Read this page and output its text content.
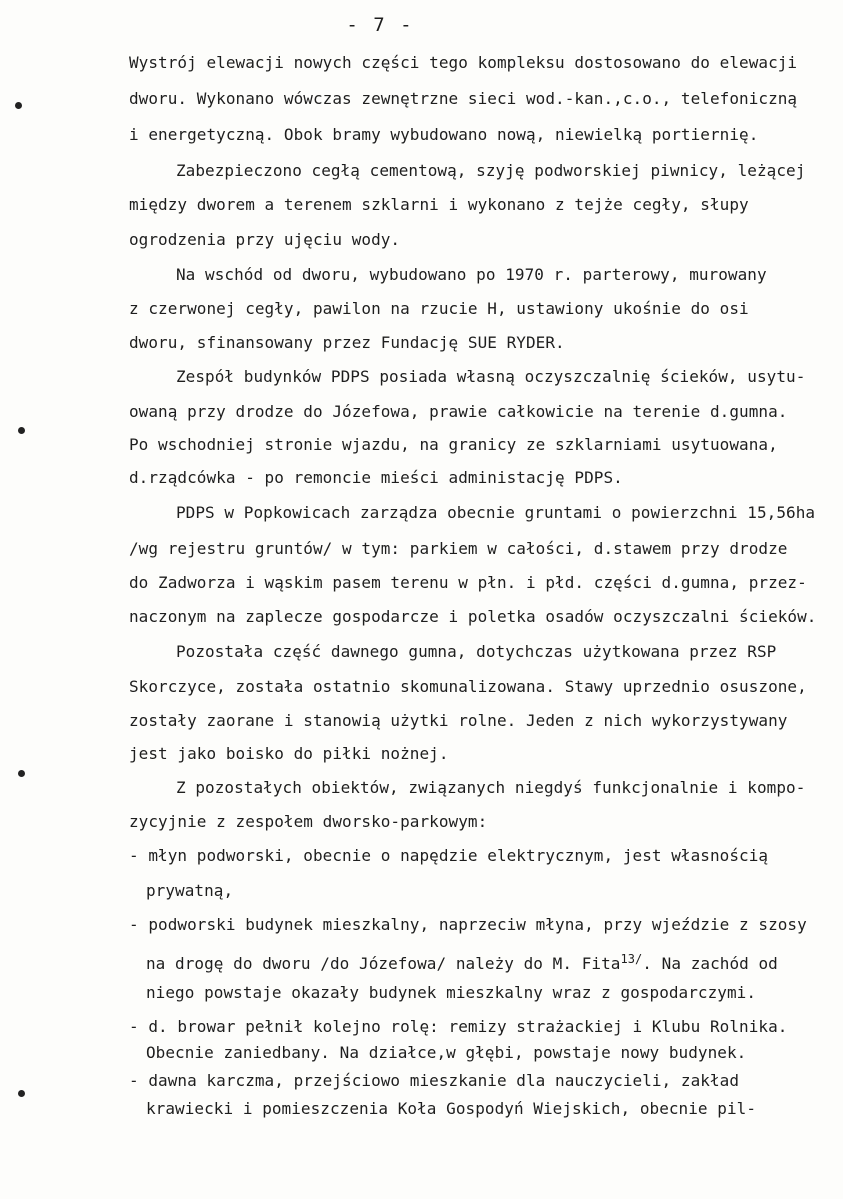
- 7 -
Wystrój elewacji nowych części tego kompleksu dostosowano do elewacji
dworu. Wykonano wówczas zewnętrzne sieci wod.-kan.,c.o., telefoniczną
i energetyczną. Obok bramy wybudowano nową, niewielką portiernię.
Zabezpieczono cegłą cementową, szyję podworskiej piwnicy, leżącej
między dworem a terenem szklarni i wykonano z tejże cegły, słupy
ogrodzenia przy ujęciu wody.
Na wschód od dworu, wybudowano po 1970 r. parterowy, murowany
z czerwonej cegły, pawilon na rzucie H, ustawiony ukośnie do osi
dworu, sfinansowany przez Fundację SUE RYDER.
Zespół budynków PDPS posiada własną oczyszczalnię ścieków, usytu-
owaną przy drodze do Józefowa, prawie całkowicie na terenie d.gumna.
Po wschodniej stronie wjazdu, na granicy ze szklarniami usytuowana,
d.rządcówka - po remoncie mieści administację PDPS.
PDPS w Popkowicach zarządza obecnie gruntami o powierzchni 15,56ha
/wg rejestru gruntów/ w tym: parkiem w całości, d.stawem przy drodze
do Zadworza i wąskim pasem terenu w płn. i płd. części d.gumna, przez-
naczonym na zaplecze gospodarcze i poletka osadów oczyszczalni ścieków.
Pozostała część dawnego gumna, dotychczas użytkowana przez RSP
Skorczyce, została ostatnio skomunalizowana. Stawy uprzednio osuszone,
zostały zaorane i stanowią użytki rolne. Jeden z nich wykorzystywany
jest jako boisko do piłki nożnej.
Z pozostałych obiektów, związanych niegdyś funkcjonalnie i kompo-
zycyjnie z zespołem dworsko-parkowym:
- młyn podworski, obecnie o napędzie elektrycznym, jest własnością
prywatną,
- podworski budynek mieszkalny, naprzeciw młyna, przy wjeździe z szosy
na drogę do dworu /do Józefowa/ należy do M. Fita$^{13/}$. Na zachód od
niego powstaje okazały budynek mieszkalny wraz z gospodarczymi.
- d. browar pełnił kolejno rolę: remizy strażackiej i Klubu Rolnika.
Obecnie zaniedbany. Na działce,w głębi, powstaje nowy budynek.
- dawna karczma, przejściowo mieszkanie dla nauczycieli, zakład
krawiecki i pomieszczenia Koła Gospodyń Wiejskich, obecnie pil-
